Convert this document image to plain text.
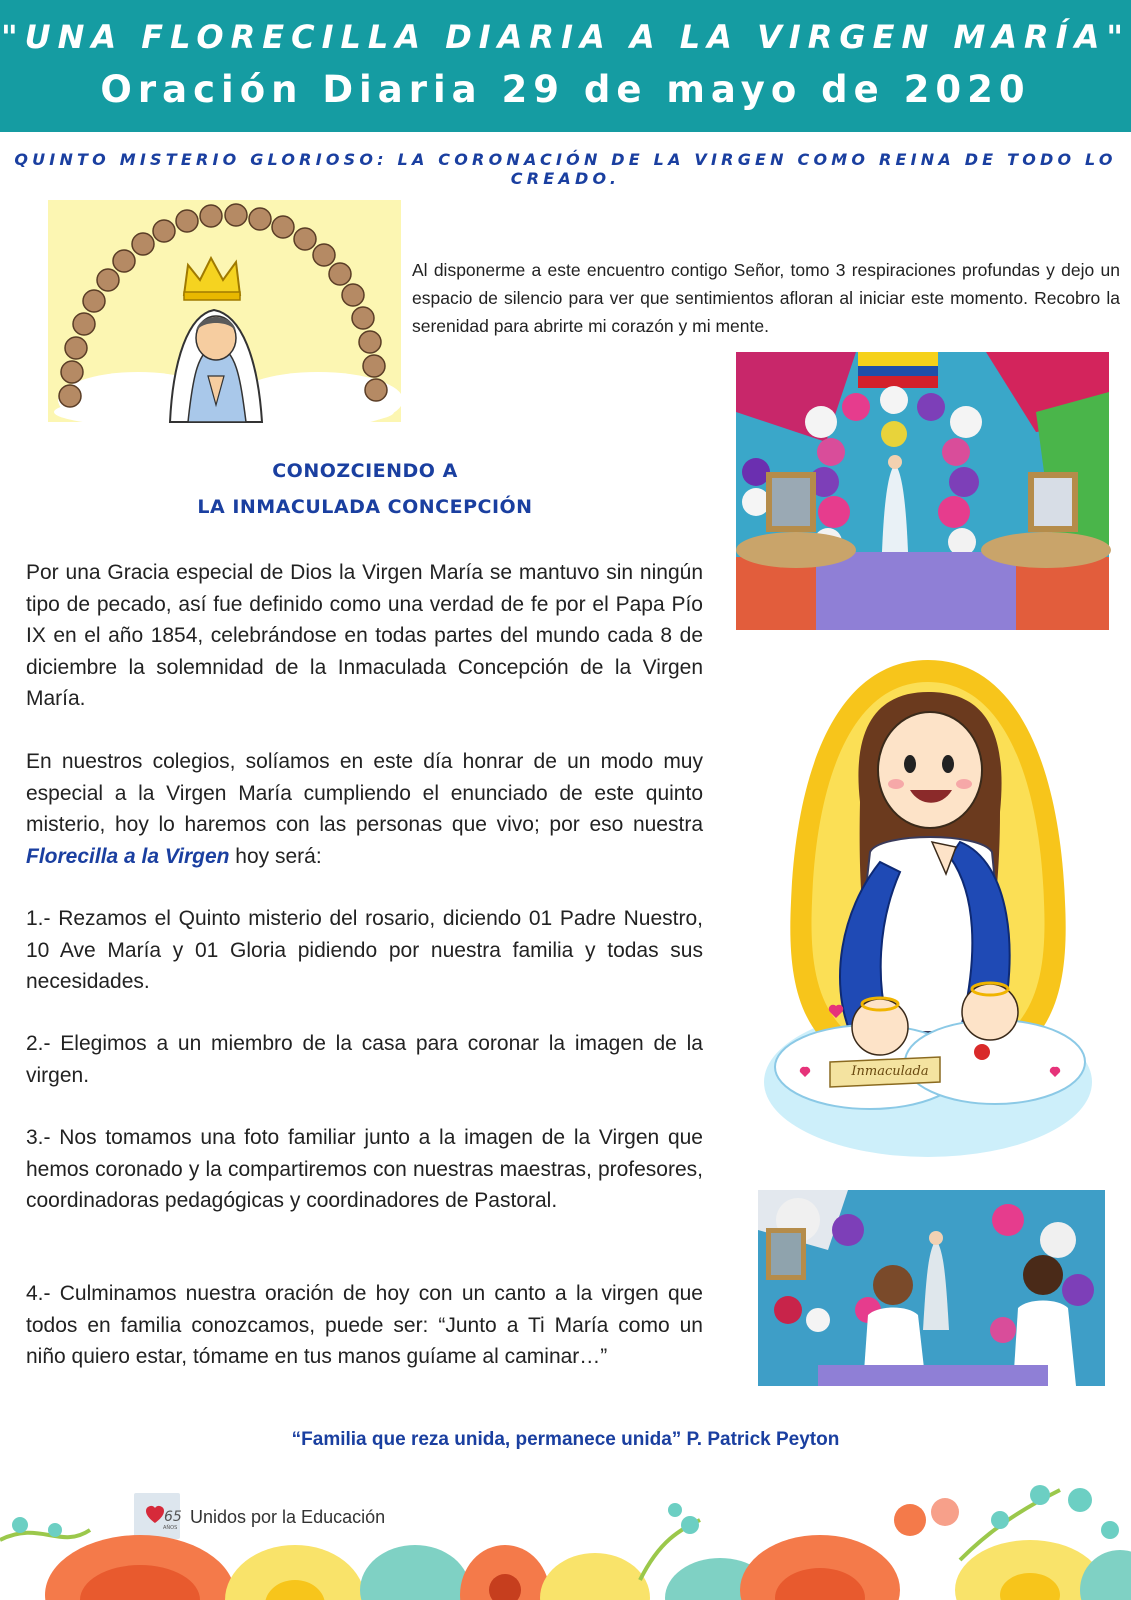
"UNA FLORECILLA DIARIA A LA VIRGEN MARÍA"
Oración Diaria 29 de mayo de 2020
QUINTO MISTERIO GLORIOSO: LA CORONACIÓN DE LA VIRGEN COMO REINA DE TODO LO CREADO.
Al disponerme a este encuentro contigo Señor, tomo 3 respiraciones profundas y dejo un espacio de silencio para ver que sentimientos afloran al iniciar este momento. Recobro la serenidad para abrirte mi corazón y mi mente.
CONOZCIENDO A
LA INMACULADA CONCEPCIÓN
Por una Gracia especial de Dios la Virgen María se mantuvo sin ningún tipo de pecado, así fue definido como una verdad de fe por el Papa Pío IX en el año 1854, celebrándose en todas partes del mundo cada 8 de diciembre la solemnidad de la Inmaculada Concepción de la Virgen María.
En nuestros colegios, solíamos en este día honrar de un modo muy especial a la Virgen María cumpliendo el enunciado de este quinto misterio, hoy lo haremos con las personas que vivo; por eso nuestra Florecilla a la Virgen hoy será:
1.- Rezamos el Quinto misterio del rosario, diciendo 01 Padre Nuestro, 10 Ave María y 01 Gloria pidiendo por nuestra familia y todas sus necesidades.
2.- Elegimos a un miembro de la casa para coronar la imagen de la virgen.
3.- Nos tomamos una foto familiar junto a la imagen de la Virgen que hemos coronado y la compartiremos con nuestras maestras, profesores, coordinadoras pedagógicas y coordinadores de Pastoral.
4.- Culminamos nuestra oración de hoy con un canto a la virgen que todos en familia conozcamos, puede ser: “Junto a Ti María como un niño quiero estar, tómame en tus manos guíame al caminar…”
Inmaculada
“Familia que reza unida, permanece unida” P. Patrick Peyton
65
AÑOS
Unidos por la Educación
